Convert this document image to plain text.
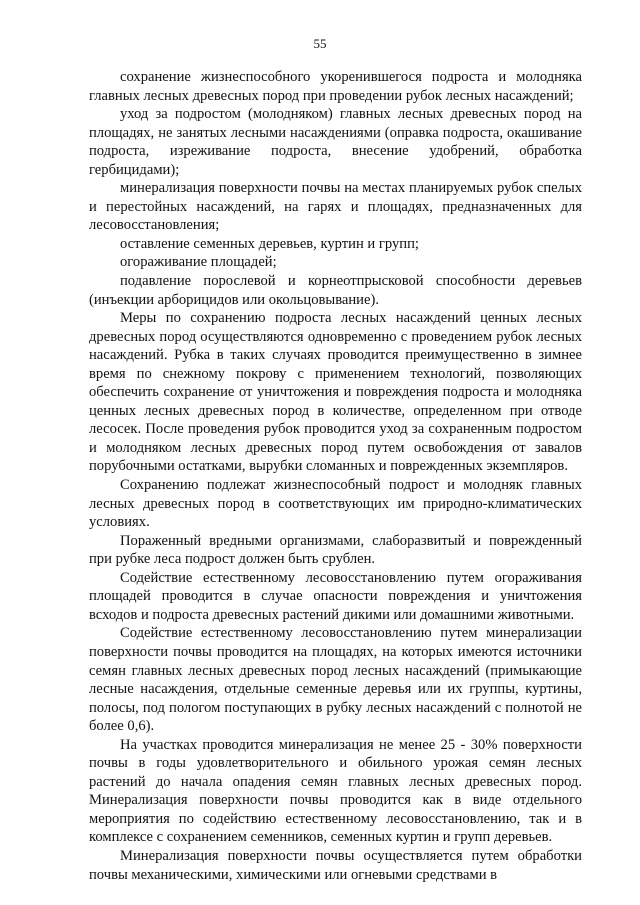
55

сохранение жизнеспособного укоренившегося подроста и молодняка главных лесных древесных пород при проведении рубок лесных насаждений;

уход за подростом (молодняком) главных лесных древесных пород на площадях, не занятых лесными насаждениями (оправка подроста, окашивание подроста, изреживание подроста, внесение удобрений, обработка гербицидами);

минерализация поверхности почвы на местах планируемых рубок спелых и перестойных насаждений, на гарях и площадях, предназначенных для лесовосстановления;

оставление семенных деревьев, куртин и групп;

огораживание площадей;

подавление порослевой и корнеотпрысковой способности деревьев (инъекции арборицидов или окольцовывание).

Меры по сохранению подроста лесных насаждений ценных лесных древесных пород осуществляются одновременно с проведением рубок лесных насаждений. Рубка в таких случаях проводится преимущественно в зимнее время по снежному покрову с применением технологий, позволяющих обеспечить сохранение от уничтожения и повреждения подроста и молодняка ценных лесных древесных пород в количестве, определенном при отводе лесосек. После проведения рубок проводится уход за сохраненным подростом и молодняком лесных древесных пород путем освобождения от завалов порубочными остатками, вырубки сломанных и поврежденных экземпляров.

Сохранению подлежат жизнеспособный подрост и молодняк главных лесных древесных пород в соответствующих им природно-климатических условиях.

Пораженный вредными организмами, слаборазвитый и поврежденный при рубке леса подрост должен быть срублен.

Содействие естественному лесовосстановлению путем огораживания площадей проводится в случае опасности повреждения и уничтожения всходов и подроста древесных растений дикими или домашними животными.

Содействие естественному лесовосстановлению путем минерализации поверхности почвы проводится на площадях, на которых имеются источники семян главных лесных древесных пород лесных насаждений (примыкающие лесные насаждения, отдельные семенные деревья или их группы, куртины, полосы, под пологом поступающих в рубку лесных насаждений с полнотой не более 0,6).

На участках проводится минерализация не менее 25 - 30% поверхности почвы в годы удовлетворительного и обильного урожая семян лесных растений до начала опадения семян главных лесных древесных пород. Минерализация поверхности почвы проводится как в виде отдельного мероприятия по содействию естественному лесовосстановлению, так и в комплексе с сохранением семенников, семенных куртин и групп деревьев.

Минерализация поверхности почвы осуществляется путем обработки почвы механическими, химическими или огневыми средствами в
